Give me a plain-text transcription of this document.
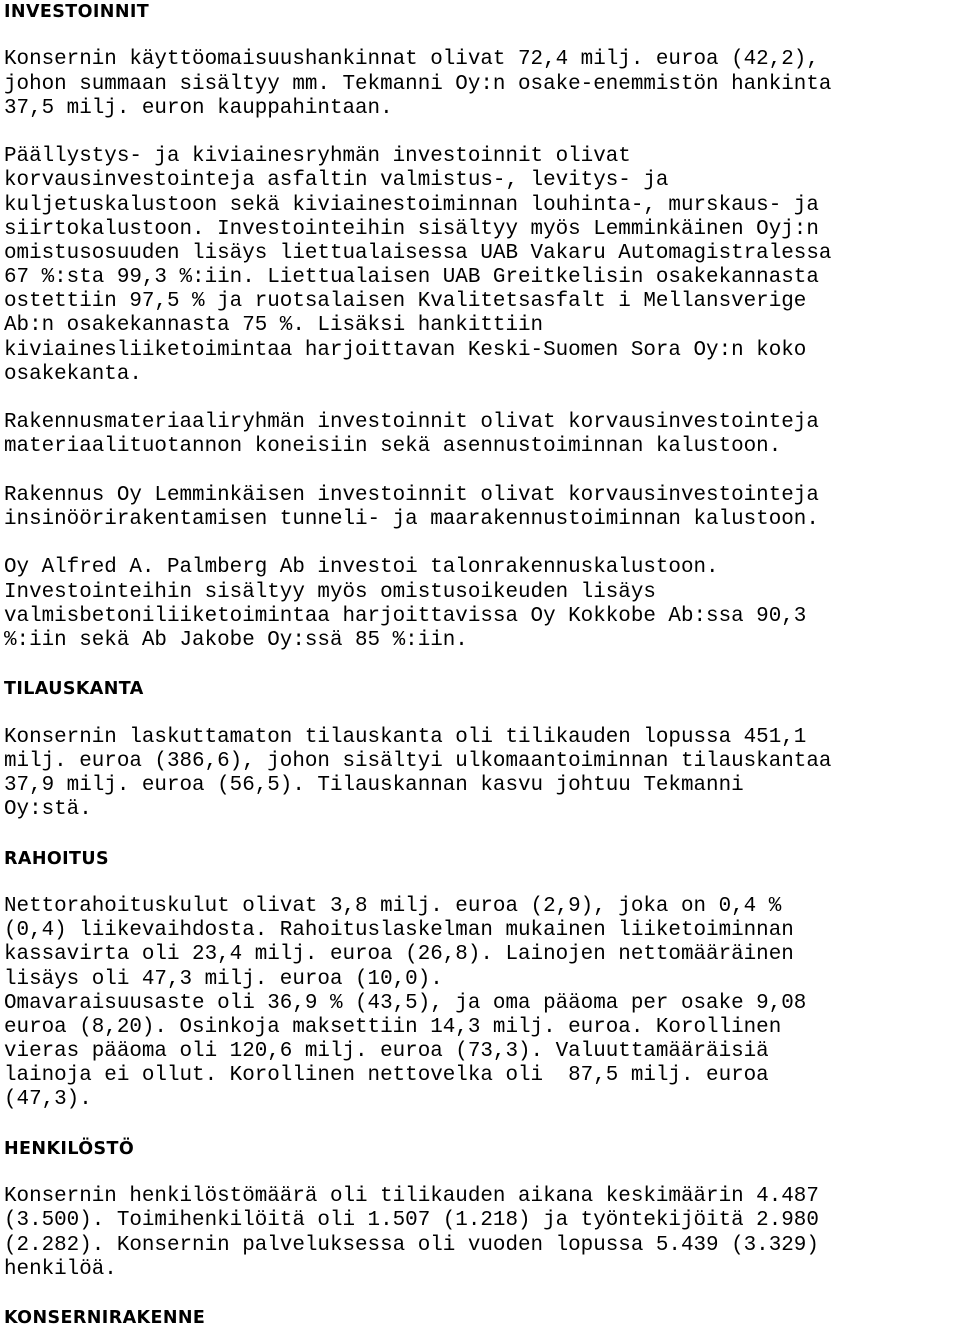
INVESTOINNIT

Konsernin käyttöomaisuushankinnat olivat 72,4 milj. euroa (42,2),
johon summaan sisältyy mm. Tekmanni Oy:n osake-enemmistön hankinta
37,5 milj. euron kauppahintaan.

Päällystys- ja kiviainesryhmän investoinnit olivat
korvausinvestointeja asfaltin valmistus-, levitys- ja
kuljetuskalustoon sekä kiviainestoiminnan louhinta-, murskaus- ja
siirtokalustoon. Investointeihin sisältyy myös Lemminkäinen Oyj:n
omistusosuuden lisäys liettualaisessa UAB Vakaru Automagistralessa
67 %:sta 99,3 %:iin. Liettualaisen UAB Greitkelisin osakekannasta
ostettiin 97,5 % ja ruotsalaisen Kvalitetsasfalt i Mellansverige
Ab:n osakekannasta 75 %. Lisäksi hankittiin
kiviainesliiketoimintaa harjoittavan Keski-Suomen Sora Oy:n koko
osakekanta.

Rakennusmateriaaliryhmän investoinnit olivat korvausinvestointeja
materiaalituotannon koneisiin sekä asennustoiminnan kalustoon.

Rakennus Oy Lemminkäisen investoinnit olivat korvausinvestointeja
insinöörirakentamisen tunneli- ja maarakennustoiminnan kalustoon.

Oy Alfred A. Palmberg Ab investoi talonrakennuskalustoon.
Investointeihin sisältyy myös omistusoikeuden lisäys
valmisbetoniliiketoimintaa harjoittavissa Oy Kokkobe Ab:ssa 90,3
%:iin sekä Ab Jakobe Oy:ssä 85 %:iin.

TILAUSKANTA

Konsernin laskuttamaton tilauskanta oli tilikauden lopussa 451,1
milj. euroa (386,6), johon sisältyi ulkomaantoiminnan tilauskantaa
37,9 milj. euroa (56,5). Tilauskannan kasvu johtuu Tekmanni
Oy:stä.

RAHOITUS

Nettorahoituskulut olivat 3,8 milj. euroa (2,9), joka on 0,4 %
(0,4) liikevaihdosta. Rahoituslaskelman mukainen liiketoiminnan
kassavirta oli 23,4 milj. euroa (26,8). Lainojen nettomääräinen
lisäys oli 47,3 milj. euroa (10,0).
Omavaraisuusaste oli 36,9 % (43,5), ja oma pääoma per osake 9,08
euroa (8,20). Osinkoja maksettiin 14,3 milj. euroa. Korollinen
vieras pääoma oli 120,6 milj. euroa (73,3). Valuuttamääräisiä
lainoja ei ollut. Korollinen nettovelka oli  87,5 milj. euroa
(47,3).

HENKILÖSTÖ

Konsernin henkilöstömäärä oli tilikauden aikana keskimäärin 4.487
(3.500). Toimihenkilöitä oli 1.507 (1.218) ja työntekijöitä 2.980
(2.282). Konsernin palveluksessa oli vuoden lopussa 5.439 (3.329)
henkilöä.

KONSERNIRAKENNE
